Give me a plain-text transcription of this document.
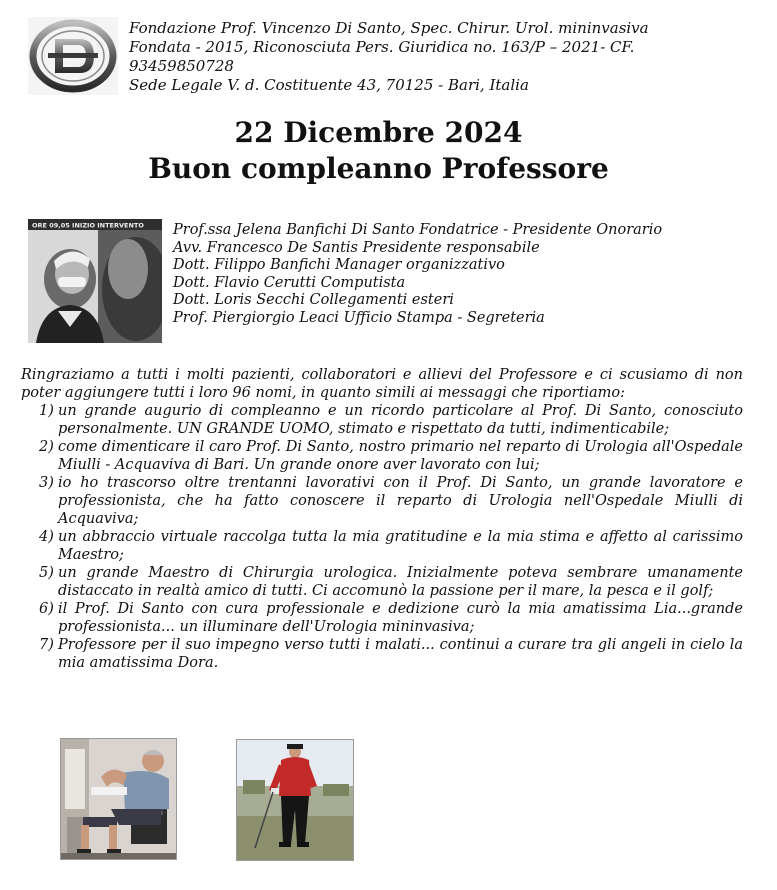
Fondazione Prof. Vincenzo Di Santo, Spec. Chirur. Urol. mininvasiva
Fondata - 2015, Riconosciuta Pers. Giuridica no. 163/P – 2021- CF.
93459850728
Sede Legale V. d. Costituente 43, 70125 - Bari, Italia
22 Dicembre 2024
Buon compleanno Professore
ORE 09,05 INIZIO INTERVENTO Prof.ssa Jelena Banfichi Di Santo Fondatrice - Presidente Onorario
Avv. Francesco De Santis Presidente responsabile
Dott. Filippo Banfichi Manager organizzativo
Dott. Flavio Cerutti Computista
Dott. Loris Secchi Collegamenti esteri
Prof. Piergiorgio Leaci Ufficio Stampa - Segreteria
Ringraziamo a tutti i molti pazienti, collaboratori e allievi del Professore e ci scusiamo di non poter aggiungere tutti i loro 96 nomi, in quanto simili ai messaggi che riportiamo:
1) un grande augurio di compleanno e un ricordo particolare al Prof. Di Santo, conosciuto personalmente. UN GRANDE UOMO, stimato e rispettato da tutti, indimenticabile;
2) come dimenticare il caro Prof. Di Santo, nostro primario nel reparto di Urologia all'Ospedale Miulli - Acquaviva di Bari. Un grande onore aver lavorato con lui;
3) io ho trascorso oltre trentanni lavorativi con il Prof. Di Santo, un grande lavoratore e professionista, che ha fatto conoscere il reparto di Urologia nell'Ospedale Miulli di Acquaviva;
4) un abbraccio virtuale raccolga tutta la mia gratitudine e la mia stima e affetto al carissimo Maestro;
5) un grande Maestro di Chirurgia urologica. Inizialmente poteva sembrare umanamente distaccato in realtà amico di tutti. Ci accomunò la passione per il mare, la pesca e il golf;
6) il Prof. Di Santo con cura professionale e dedizione curò la mia amatissima Lia...grande professionista... un illuminare dell'Urologia mininvasiva;
7) Professore per il suo impegno verso tutti i malati... continui a curare tra gli angeli in cielo la mia amatissima Dora.
